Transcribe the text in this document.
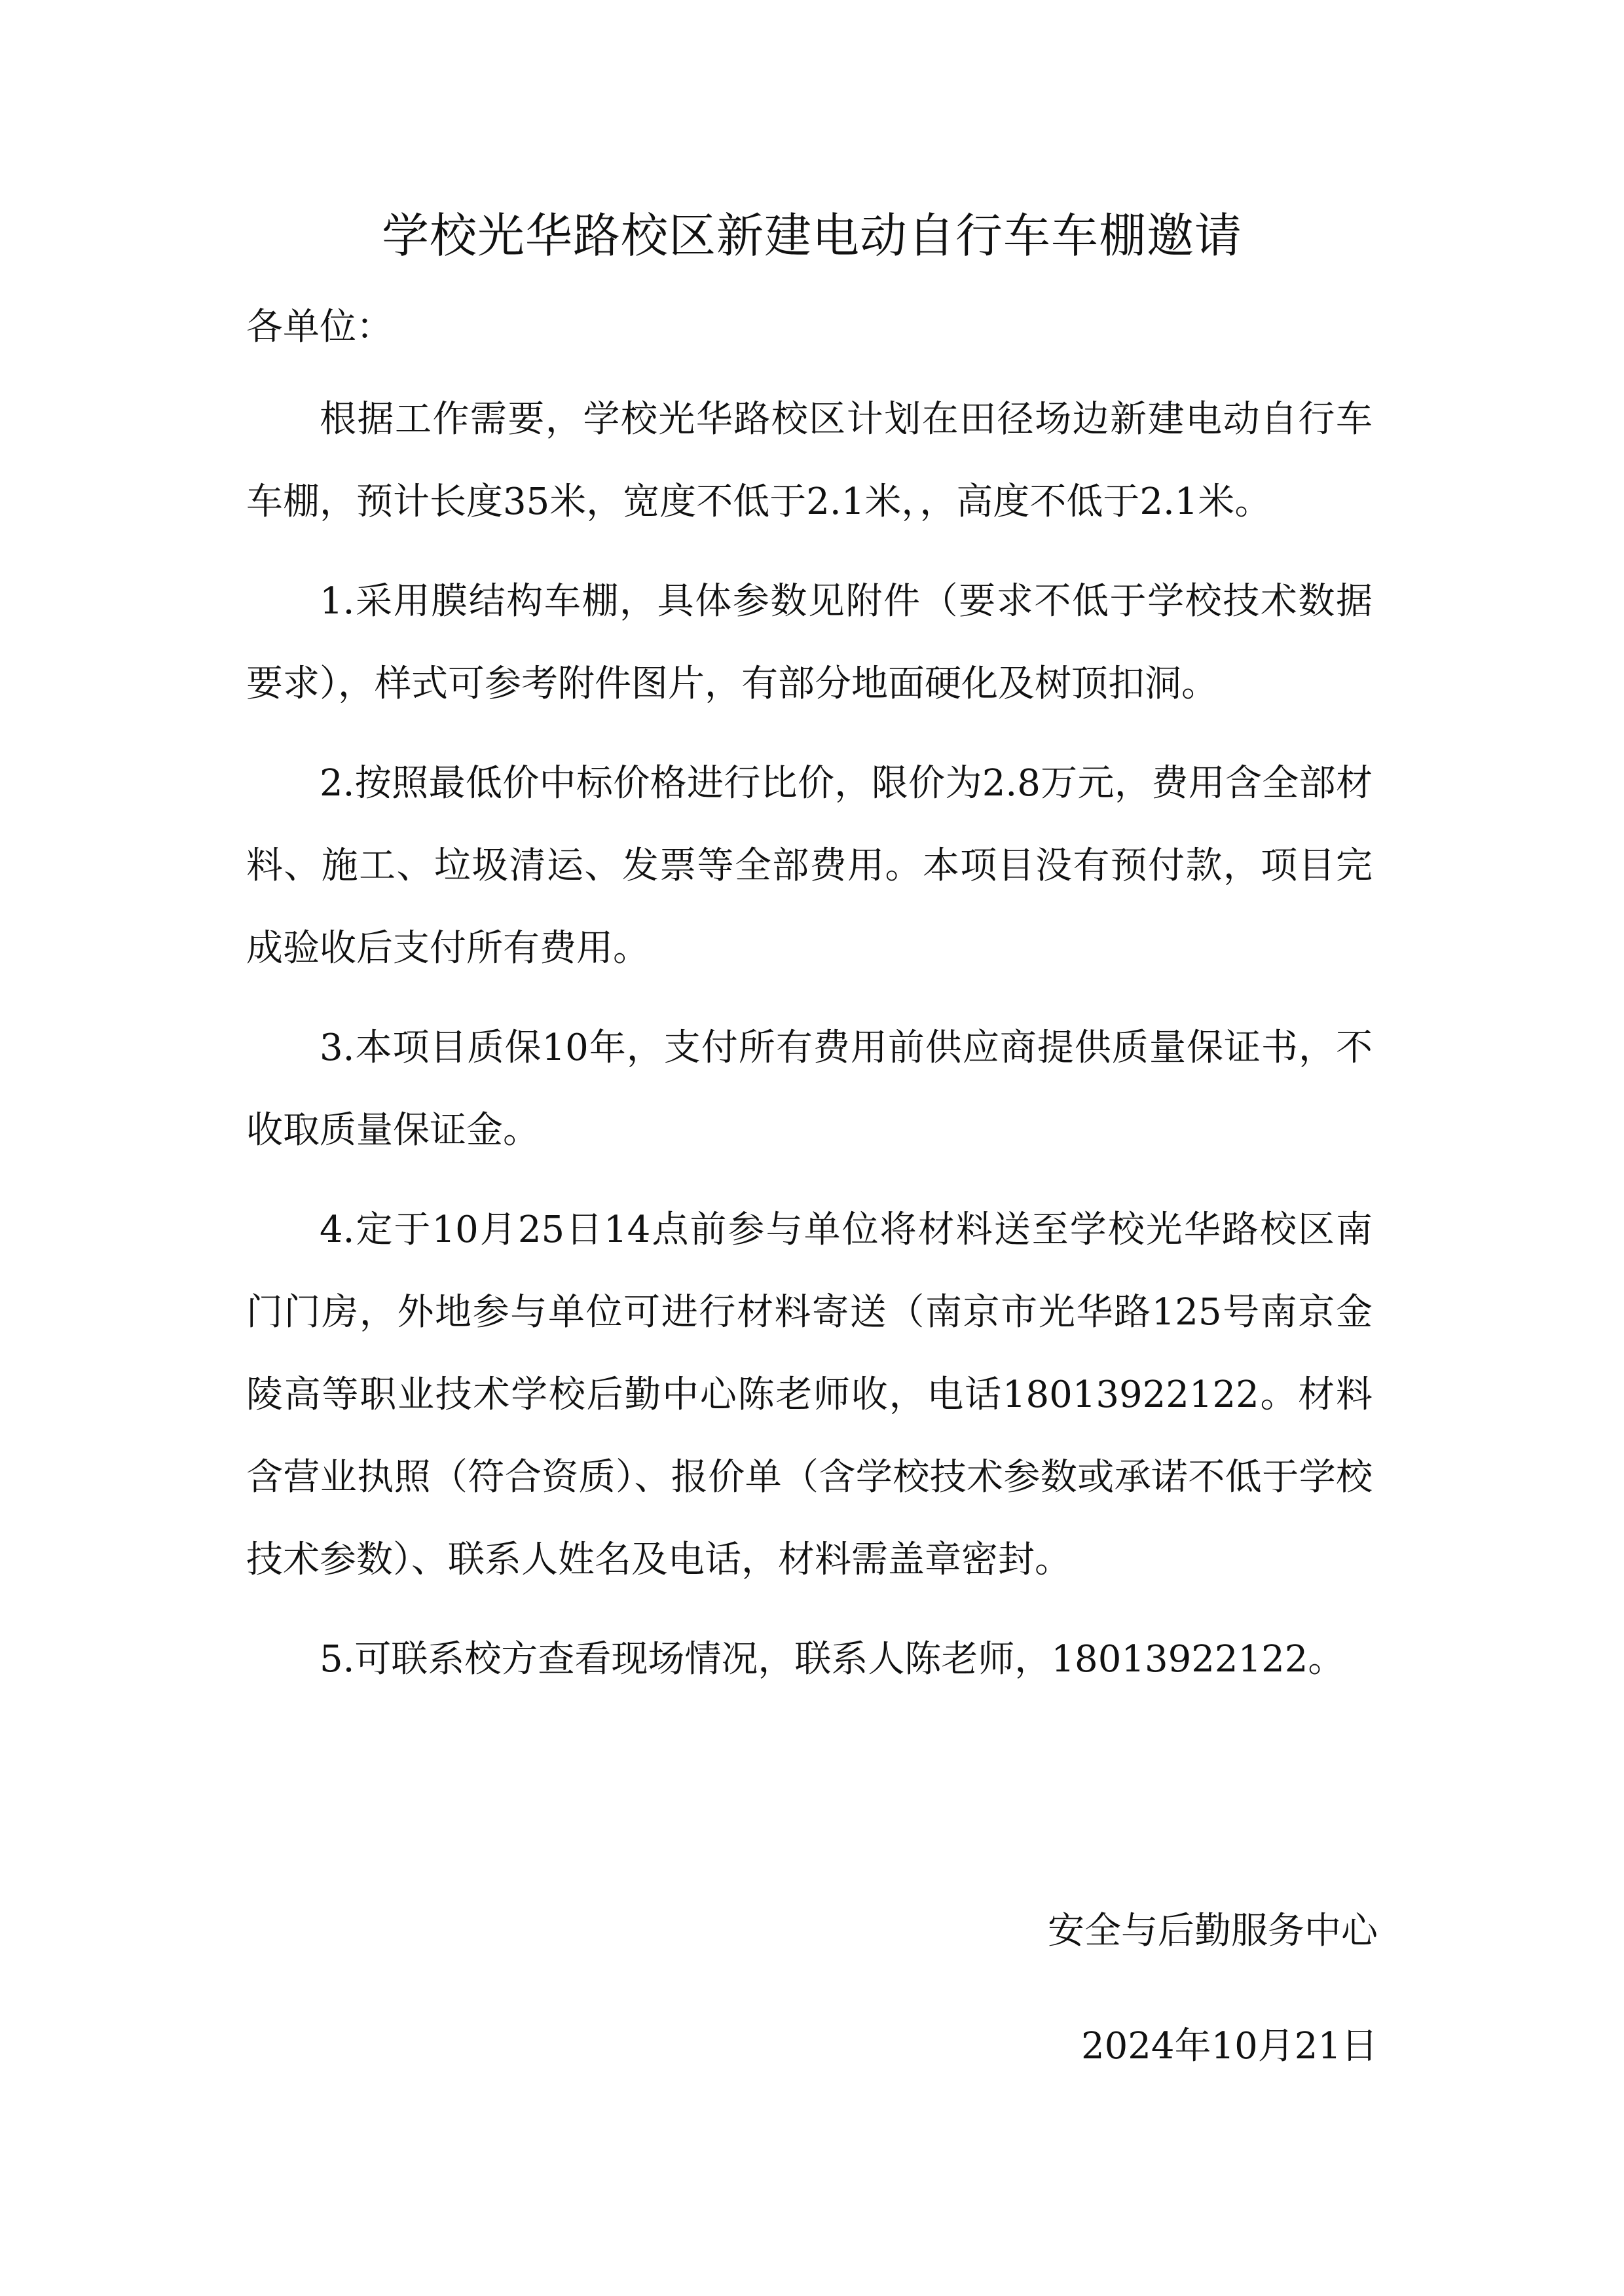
学校光华路校区新建电动自行车车棚邀请
各单位：

根据工作需要，学校光华路校区计划在田径场边新建电动自行车车棚，预计长度35米，宽度不低于2.1米，，高度不低于2.1米。

1.采用膜结构车棚，具体参数见附件（要求不低于学校技术数据要求），样式可参考附件图片，有部分地面硬化及树顶扣洞。

2.按照最低价中标价格进行比价，限价为2.8万元，费用含全部材料、施工、垃圾清运、发票等全部费用。本项目没有预付款，项目完成验收后支付所有费用。

3.本项目质保10年，支付所有费用前供应商提供质量保证书，不收取质量保证金。

4.定于10月25日14点前参与单位将材料送至学校光华路校区南门门房，外地参与单位可进行材料寄送（南京市光华路125号南京金陵高等职业技术学校后勤中心陈老师收，电话18013922122。材料含营业执照（符合资质）、报价单（含学校技术参数或承诺不低于学校技术参数）、联系人姓名及电话，材料需盖章密封。

5.可联系校方查看现场情况，联系人陈老师，18013922122。

安全与后勤服务中心
2024年10月21日
